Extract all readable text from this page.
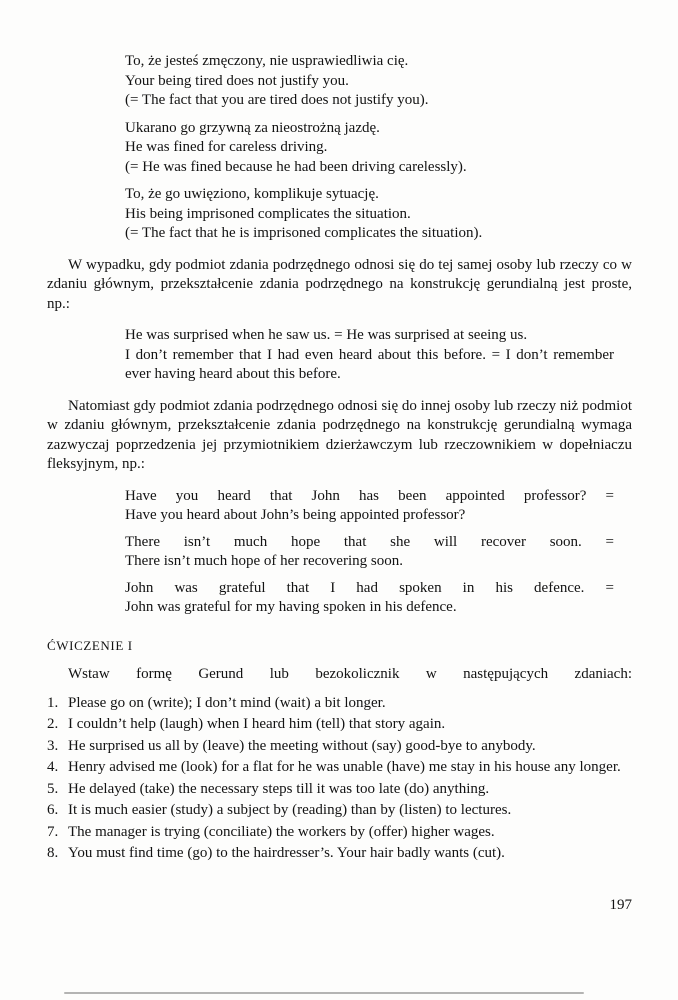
To, że jesteś zmęczony, nie usprawiedliwia cię.
Your being tired does not justify you.
(= The fact that you are tired does not justify you).
Ukarano go grzywną za nieostrożną jazdę.
He was fined for careless driving.
(= He was fined because he had been driving carelessly).
To, że go uwięziono, komplikuje sytuację.
His being imprisoned complicates the situation.
(= The fact that he is imprisoned complicates the situation).

W wypadku, gdy podmiot zdania podrzędnego odnosi się do tej samej osoby lub rzeczy co w zdaniu głównym, przekształcenie zdania podrzędnego na konstrukcję gerundialną jest proste, np.:

He was surprised when he saw us. = He was surprised at seeing us.
I don’t remember that I had even heard about this before. = I don’t remember ever having heard about this before.

Natomiast gdy podmiot zdania podrzędnego odnosi się do innej osoby lub rzeczy niż podmiot w zdaniu głównym, przekształcenie zdania podrzędnego na konstrukcję gerundialną wymaga zazwyczaj poprzedzenia jej przymiotnikiem dzierżawczym lub rzeczownikiem w dopełniaczu fleksyjnym, np.:

Have you heard that John has been appointed professor? =
Have you heard about John’s being appointed professor?
There isn’t much hope that she will recover soon. =
There isn’t much hope of her recovering soon.
John was grateful that I had spoken in his defence. =
John was grateful for my having spoken in his defence.
ĆWICZENIE I

Wstaw formę Gerund lub bezokolicznik w następujących zdaniach:

1. Please go on (write); I don’t mind (wait) a bit longer.
2. I couldn’t help (laugh) when I heard him (tell) that story again.
3. He surprised us all by (leave) the meeting without (say) good-bye to anybody.
4. Henry advised me (look) for a flat for he was unable (have) me stay in his house any longer.
5. He delayed (take) the necessary steps till it was too late (do) anything.
6. It is much easier (study) a subject by (reading) than by (listen) to lectures.
7. The manager is trying (conciliate) the workers by (offer) higher wages.
8. You must find time (go) to the hairdresser’s. Your hair badly wants (cut).
197
